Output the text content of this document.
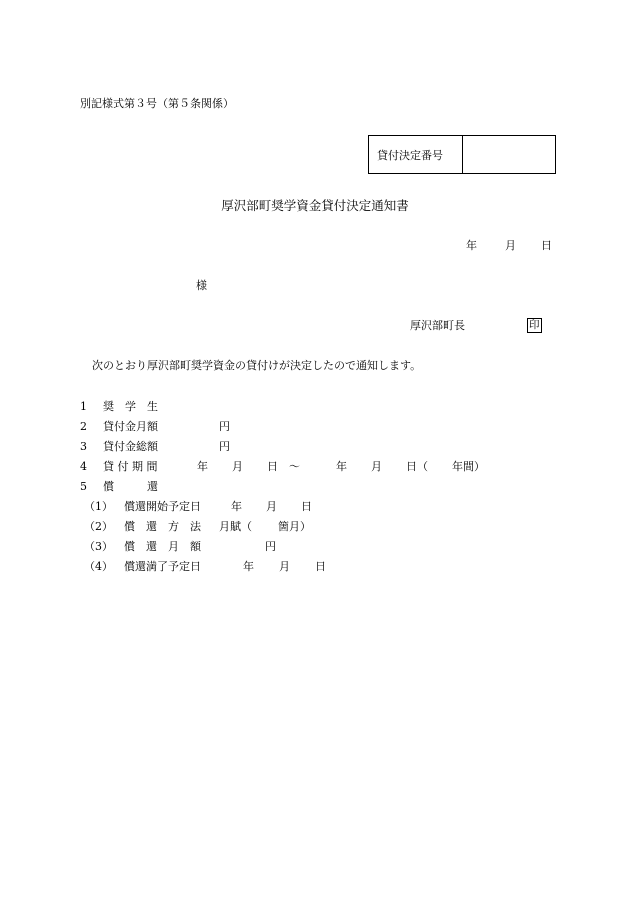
別記様式第３号（第５条関係）
貸付決定番号
厚沢部町奨学資金貸付決定通知書
年	月 日
様
厚沢部町長	印
次のとおり厚沢部町奨学資金の貸付けが決定したので通知します。
1 奨　学　生
2 貸付金月額	円
3 貸付金総額	円
4 貸 付 期 間	年 月 日 ～	年 月 日（ 年間）
5 償　　　還
（1） 償還開始予定日	年 月 日
（2） 償　還　方　法 月賦（ 箇月）
（3） 償　還　月　額	円
（4） 償還満了予定日	年 月 日
